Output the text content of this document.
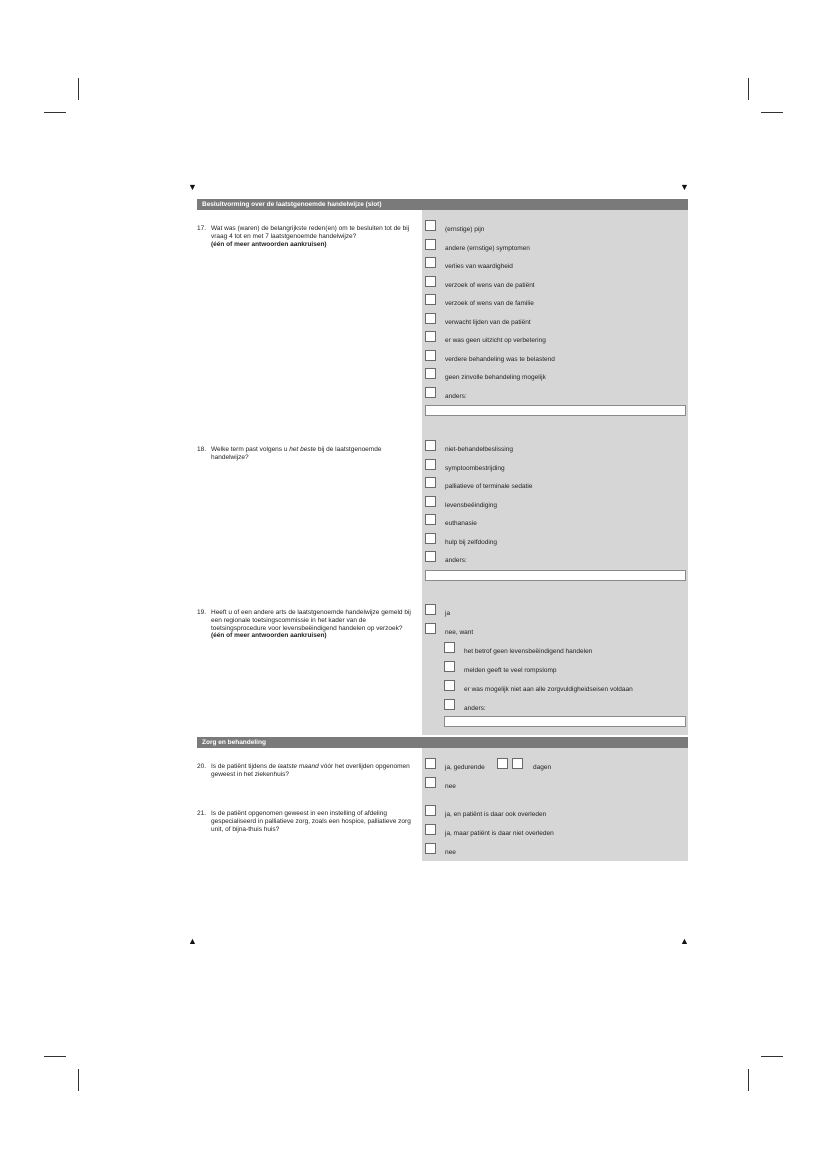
▼	▼
▲	▲
Besluitvorming over de laatstgenoemde handelwijze (slot)
17. Wat was (waren) de belangrijkste reden(en) om te besluiten tot de bij vraag 4 tot en met 7 laatstgenoemde handelwijze?
(één of meer antwoorden aankruisen)
(ernstige) pijn
andere (ernstige) symptomen
verlies van waardigheid
verzoek of wens van de patiënt
verzoek of wens van de familie
verwacht lijden van de patiënt
er was geen uitzicht op verbetering
verdere behandeling was te belastend
geen zinvolle behandeling mogelijk
anders:
18. Welke term past volgens u het beste bij de laatstgenoemde handelwijze?
niet-behandelbeslissing
symptoombestrijding
palliatieve of terminale sedatie
levensbeëindiging
euthanasie
hulp bij zelfdoding
anders:
19. Heeft u of een andere arts de laatstgenoemde handelwijze gemeld bij een regionale toetsingscommissie in het kader van de toetsingsprocedure voor levensbeëindigend handelen op verzoek?
(één of meer antwoorden aankruisen)
ja
nee, want
het betrof geen levensbeëindigend handelen
melden geeft te veel rompslomp
er was mogelijk niet aan alle zorgvuldigheidseisen voldaan
anders:
Zorg en behandeling
20. Is de patiënt tijdens de laatste maand vóór het overlijden opgenomen geweest in het ziekenhuis?
ja, gedurende	dagen
nee
21. Is de patiënt opgenomen geweest in een instelling of afdeling gespecialiseerd in palliatieve zorg, zoals een hospice, palliatieve zorg unit, of bijna-thuis huis?
ja, en patiënt is daar ook overleden
ja, maar patiënt is daar niet overleden
nee
